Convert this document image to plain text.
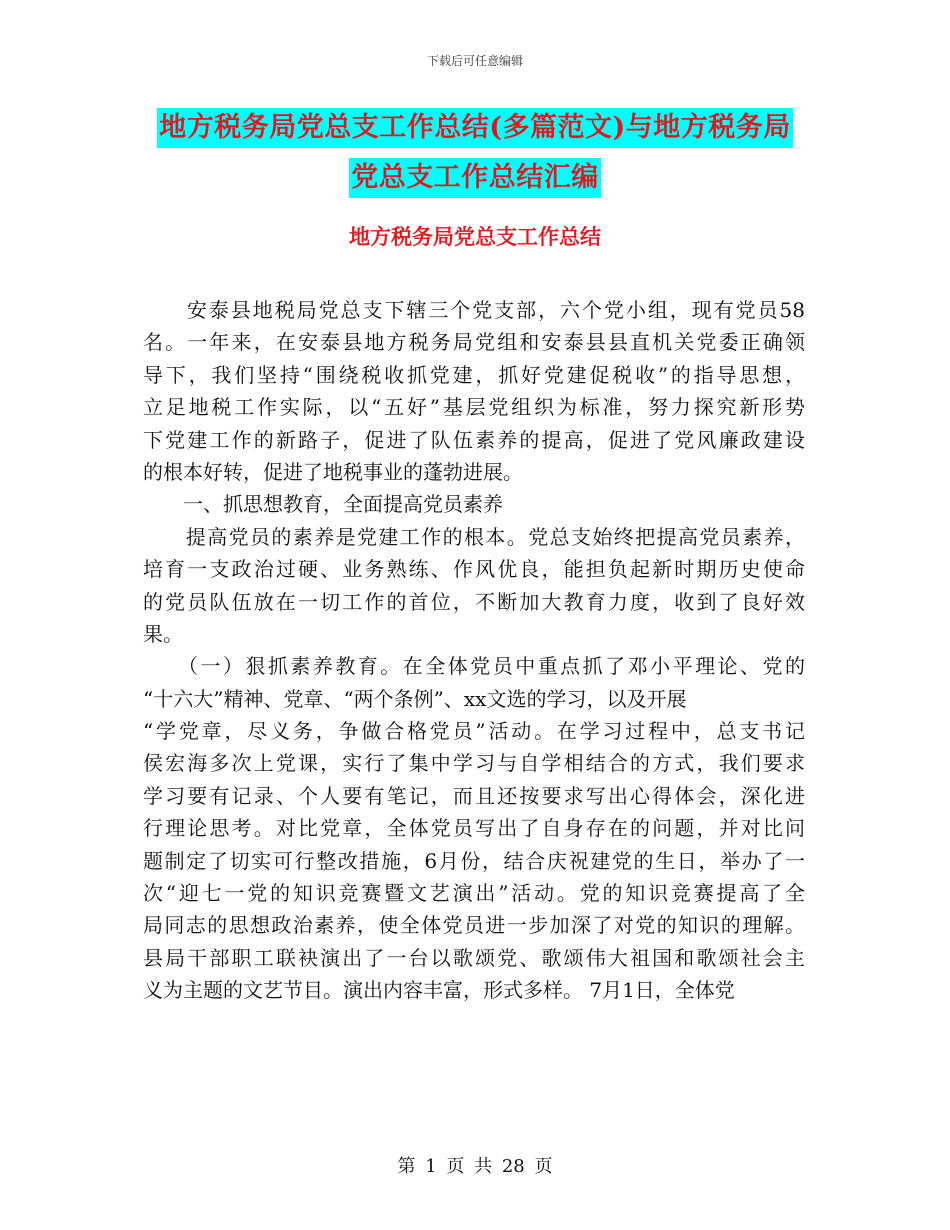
下载后可任意编辑
地方税务局党总支工作总结(多篇范文)与地方税务局
党总支工作总结汇编
地方税务局党总支工作总结
　　安泰县地税局党总支下辖三个党支部，六个党小组，现有党员58
名。一年来，在安泰县地方税务局党组和安泰县县直机关党委正确领
导下，我们坚持“围绕税收抓党建，抓好党建促税收”的指导思想，
立足地税工作实际，以“五好”基层党组织为标准，努力探究新形势
下党建工作的新路子，促进了队伍素养的提高，促进了党风廉政建设
的根本好转，促进了地税事业的蓬勃进展。
　　一、抓思想教育，全面提高党员素养
　　提高党员的素养是党建工作的根本。党总支始终把提高党员素养，
培育一支政治过硬、业务熟练、作风优良，能担负起新时期历史使命
的党员队伍放在一切工作的首位，不断加大教育力度，收到了良好效
果。
　　（一）狠抓素养教育。在全体党员中重点抓了邓小平理论、党的
“十六大”精神、党章、“两个条例”、xx文选的学习，以及开展
“学党章，尽义务，争做合格党员”活动。在学习过程中，总支书记
侯宏海多次上党课，实行了集中学习与自学相结合的方式，我们要求
学习要有记录、个人要有笔记，而且还按要求写出心得体会，深化进
行理论思考。对比党章，全体党员写出了自身存在的问题，并对比问
题制定了切实可行整改措施，6月份，结合庆祝建党的生日，举办了一
次“迎七一党的知识竞赛暨文艺演出”活动。党的知识竞赛提高了全
局同志的思想政治素养，使全体党员进一步加深了对党的知识的理解。
县局干部职工联袂演出了一台以歌颂党、歌颂伟大祖国和歌颂社会主
义为主题的文艺节目。演出内容丰富，形式多样。 7月1日，全体党
第 1 页 共 28 页
